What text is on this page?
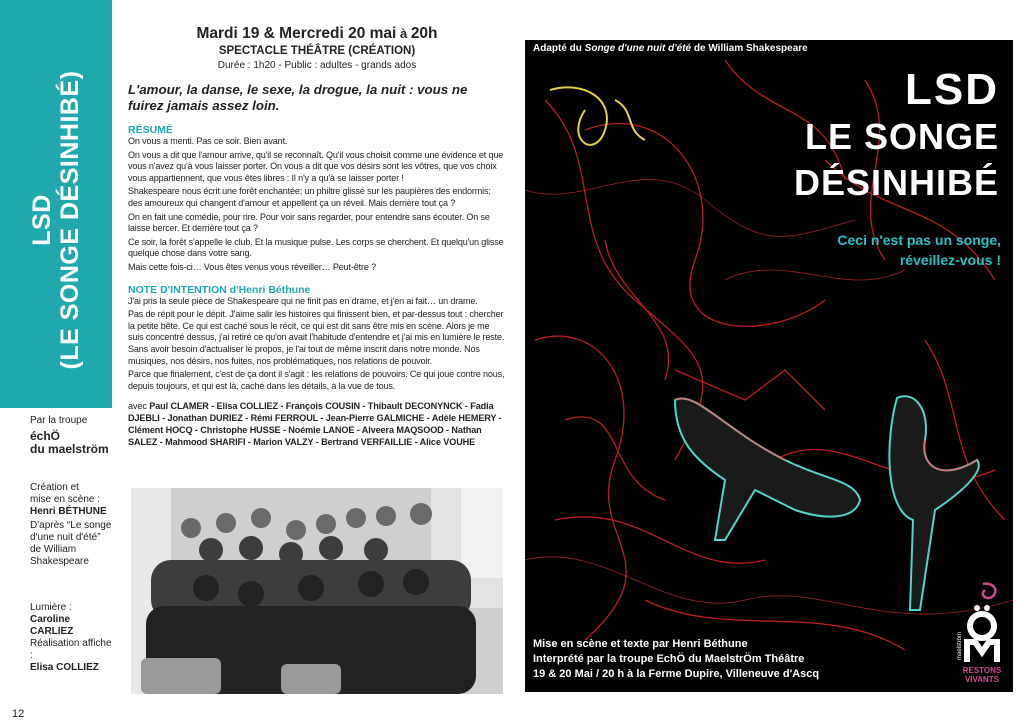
LSD (LE SONGE DÉSINHIBÉ)
Par la troupe
échÖ
du maelström
Création et
mise en scène :
Henri BÉTHUNE
D'après “Le songe
d'une nuit d'été”
de William
Shakespeare
Lumière :
Caroline CARLIEZ
Réalisation affiche :
Elisa COLLIEZ
12
Mardi 19 & Mercredi 20 mai à 20h
SPECTACLE THÉÂTRE (CRÉATION)
Durée : 1h20 - Public : adultes - grands ados
L'amour, la danse, le sexe, la drogue, la nuit : vous ne fuirez jamais assez loin.
RÉSUMÉ
On vous a menti. Pas ce soir. Bien avant.
On vous a dit que l'amour arrive, qu'il se reconnaît. Qu'il vous choisit comme une évidence et que vous n'avez qu'à vous laisser porter. On vous a dit que vos désirs sont les vôtres, que vos choix vous appartiennent, que vous êtes libres : Il n'y a qu'à se laisser porter !
Shakespeare nous écrit une forêt enchantée; un philtre glissé sur les paupières des endormis; des amoureux qui changent d'amour et appellent ça un réveil. Mais derrière tout ça ?
On en fait une comédie, pour rire. Pour voir sans regarder, pour entendre sans écouter. On se laisse bercer. Et derrière tout ça ?
Ce soir, la forêt s'appelle le club. Et la musique pulse. Les corps se cherchent. Et quelqu'un glisse quelque chose dans votre sang.
Mais cette fois-ci… Vous êtes venus vous réveiller… Peut-être ?
NOTE D'INTENTION d'Henri Béthune
J'ai pris la seule pièce de Shakespeare qui ne finit pas en drame, et j'en ai fait… un drame.
Pas de répit pour le dépit. J'aime salir les histoires qui finissent bien, et par-dessus tout : chercher la petite bête. Ce qui est caché sous le récit, ce qui est dit sans être mis en scène. Alors je me suis concentré dessus, j'ai retiré ce qu'on avait l'habitude d'entendre et j'ai mis en lumière le reste. Sans avoir besoin d'actualiser le propos, je l'ai tout de même inscrit dans notre monde. Nos musiques, nos désirs, nos fuites, nos problématiques, nos relations de pouvoir.
Parce que finalement, c'est de ça dont il s'agit : les relations de pouvoirs. Ce qui joue contre nous, depuis toujours, et qui est là, caché dans les détails, à la vue de tous.
avec Paul CLAMER - Elisa COLLIEZ - François COUSIN - Thibault DECONYNCK - Fadia DJEBLI - Jonathan DURIEZ - Rémi FERROUL - Jean-Pierre GALMICHE - Adèle HEMERY - Clément HOCQ - Christophe HUSSE - Noémie LANOE - Alveera MAQSOOD - Nathan SALEZ - Mahmood SHARIFI - Marion VALZY - Bertrand VERFAILLIE - Alice VOUHE
Adapté du Songe d'une nuit d'été de William Shakespeare
LSD
LE SONGE
DÉSINHIBÉ
Ceci n'est pas un songe,
réveillez-vous !
Mise en scène et texte par Henri Béthune
Interprété par la troupe EchÖ du MaelstrÖm Théâtre
19 & 20 Mai / 20 h à la Ferme Dupire, Villeneuve d'Ascq
maelström
RESTONS
VIVANTS
